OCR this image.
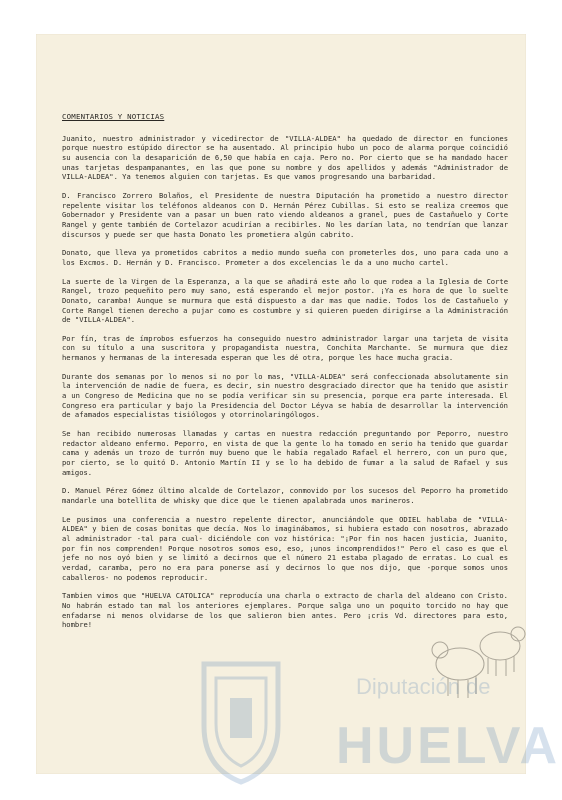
Diputación de
HUELVA
COMENTARIOS Y NOTICIAS

Juanito, nuestro administrador y vicedirector de "VILLA-ALDEA" ha quedado de director en funciones porque nuestro estúpido director se ha ausentado. Al principio hubo un poco de alarma porque coincidió su ausencia con la desaparición de 6,50 que había en caja. Pero no. Por cierto que se ha mandado hacer unas tarjetas despampanantes, en las que pone su nombre y dos apellidos y además "Administrador de VILLA-ALDEA". Ya tenemos alguien con tarjetas. Es que vamos progresando una barbaridad.

D. Francisco Zorrero Bolaños, el Presidente de nuestra Diputación ha prometido a nuestro director repelente visitar los teléfonos aldeanos con D. Hernán Pérez Cubillas. Si esto se realiza creemos que Gobernador y Presidente van a pasar un buen rato viendo aldeanos a granel, pues de Castañuelo y Corte Rangel y gente también de Cortelazor acudirían a recibirles. No les darían lata, no tendrían que lanzar discursos y puede ser que hasta Donato les prometiera algún cabrito.

Donato, que lleva ya prometidos cabritos a medio mundo sueña con prometerles dos, uno para cada uno a los Excmos. D. Hernán y D. Francisco. Prometer a dos excelencias le da a uno mucho cartel.

La suerte de la Virgen de la Esperanza, a la que se añadirá este año lo que rodea a la Iglesia de Corte Rangel, trozo pequeñito pero muy sano, está esperando el mejor postor. ¡Ya es hora de que lo suelte Donato, caramba! Aunque se murmura que está dispuesto a dar mas que nadie. Todos los de Castañuelo y Corte Rangel tienen derecho a pujar como es costumbre y si quieren pueden dirigirse a la Administración de "VILLA-ALDEA".

Por fín, tras de ímprobos esfuerzos ha conseguido nuestro administrador largar una tarjeta de visita con su título a una suscritora y propagandista nuestra, Conchita Marchante. Se murmura que diez hermanos y hermanas de la interesada esperan que les dé otra, porque les hace mucha gracia.

Durante dos semanas por lo menos si no por lo mas, "VILLA-ALDEA" será confeccionada absolutamente sin la intervención de nadie de fuera, es decir, sin nuestro desgraciado director que ha tenido que asistir a un Congreso de Medicina que no se podía verificar sin su presencia, porque era parte interesada. El Congreso era particular y bajo la Presidencia del Doctor Léyva se había de desarrollar la intervención de afamados especialistas tisiólogos y otorrinolaringólogos.

Se han recibido numerosas llamadas y cartas en nuestra redacción preguntando por Peporro, nuestro redactor aldeano enfermo. Peporro, en vista de que la gente lo ha tomado en serio ha tenido que guardar cama y además un trozo de turrón muy bueno que le había regalado Rafael el herrero, con un puro que, por cierto, se lo quitó D. Antonio Martín II y se lo ha debido de fumar a la salud de Rafael y sus amigos.

D. Manuel Pérez Gómez último alcalde de Cortelazor, conmovido por los sucesos del Peporro ha prometido mandarle una botellita de whisky que dice que le tienen apalabrada unos marineros.

Le pusimos una conferencia a nuestro repelente director, anunciándole que ODIEL hablaba de "VILLA-ALDEA" y bien de cosas bonitas que decía. Nos lo imaginábamos, si hubiera estado con nosotros, abrazado al administrador -tal para cual- diciéndole con voz histórica: "¡Por fin nos hacen justicia, Juanito, por fin nos comprenden! Porque nosotros somos eso, eso, ¡unos incomprendidos!" Pero el caso es que el jefe no nos oyó bien y se limitó a decirnos que el número 21 estaba plagado de erratas. Lo cual es verdad, caramba, pero no era para ponerse así y decirnos lo que nos dijo, que -porque somos unos caballeros- no podemos reproducir.

Tambien vimos que "HUELVA CATOLICA" reproducía una charla o extracto de charla del aldeano con Cristo. No habrán estado tan mal los anteriores ejemplares. Porque salga uno un poquito torcido no hay que enfadarse ni menos olvidarse de los que salieron bien antes. Pero ¡cris Vd. directores para esto, hombre!
